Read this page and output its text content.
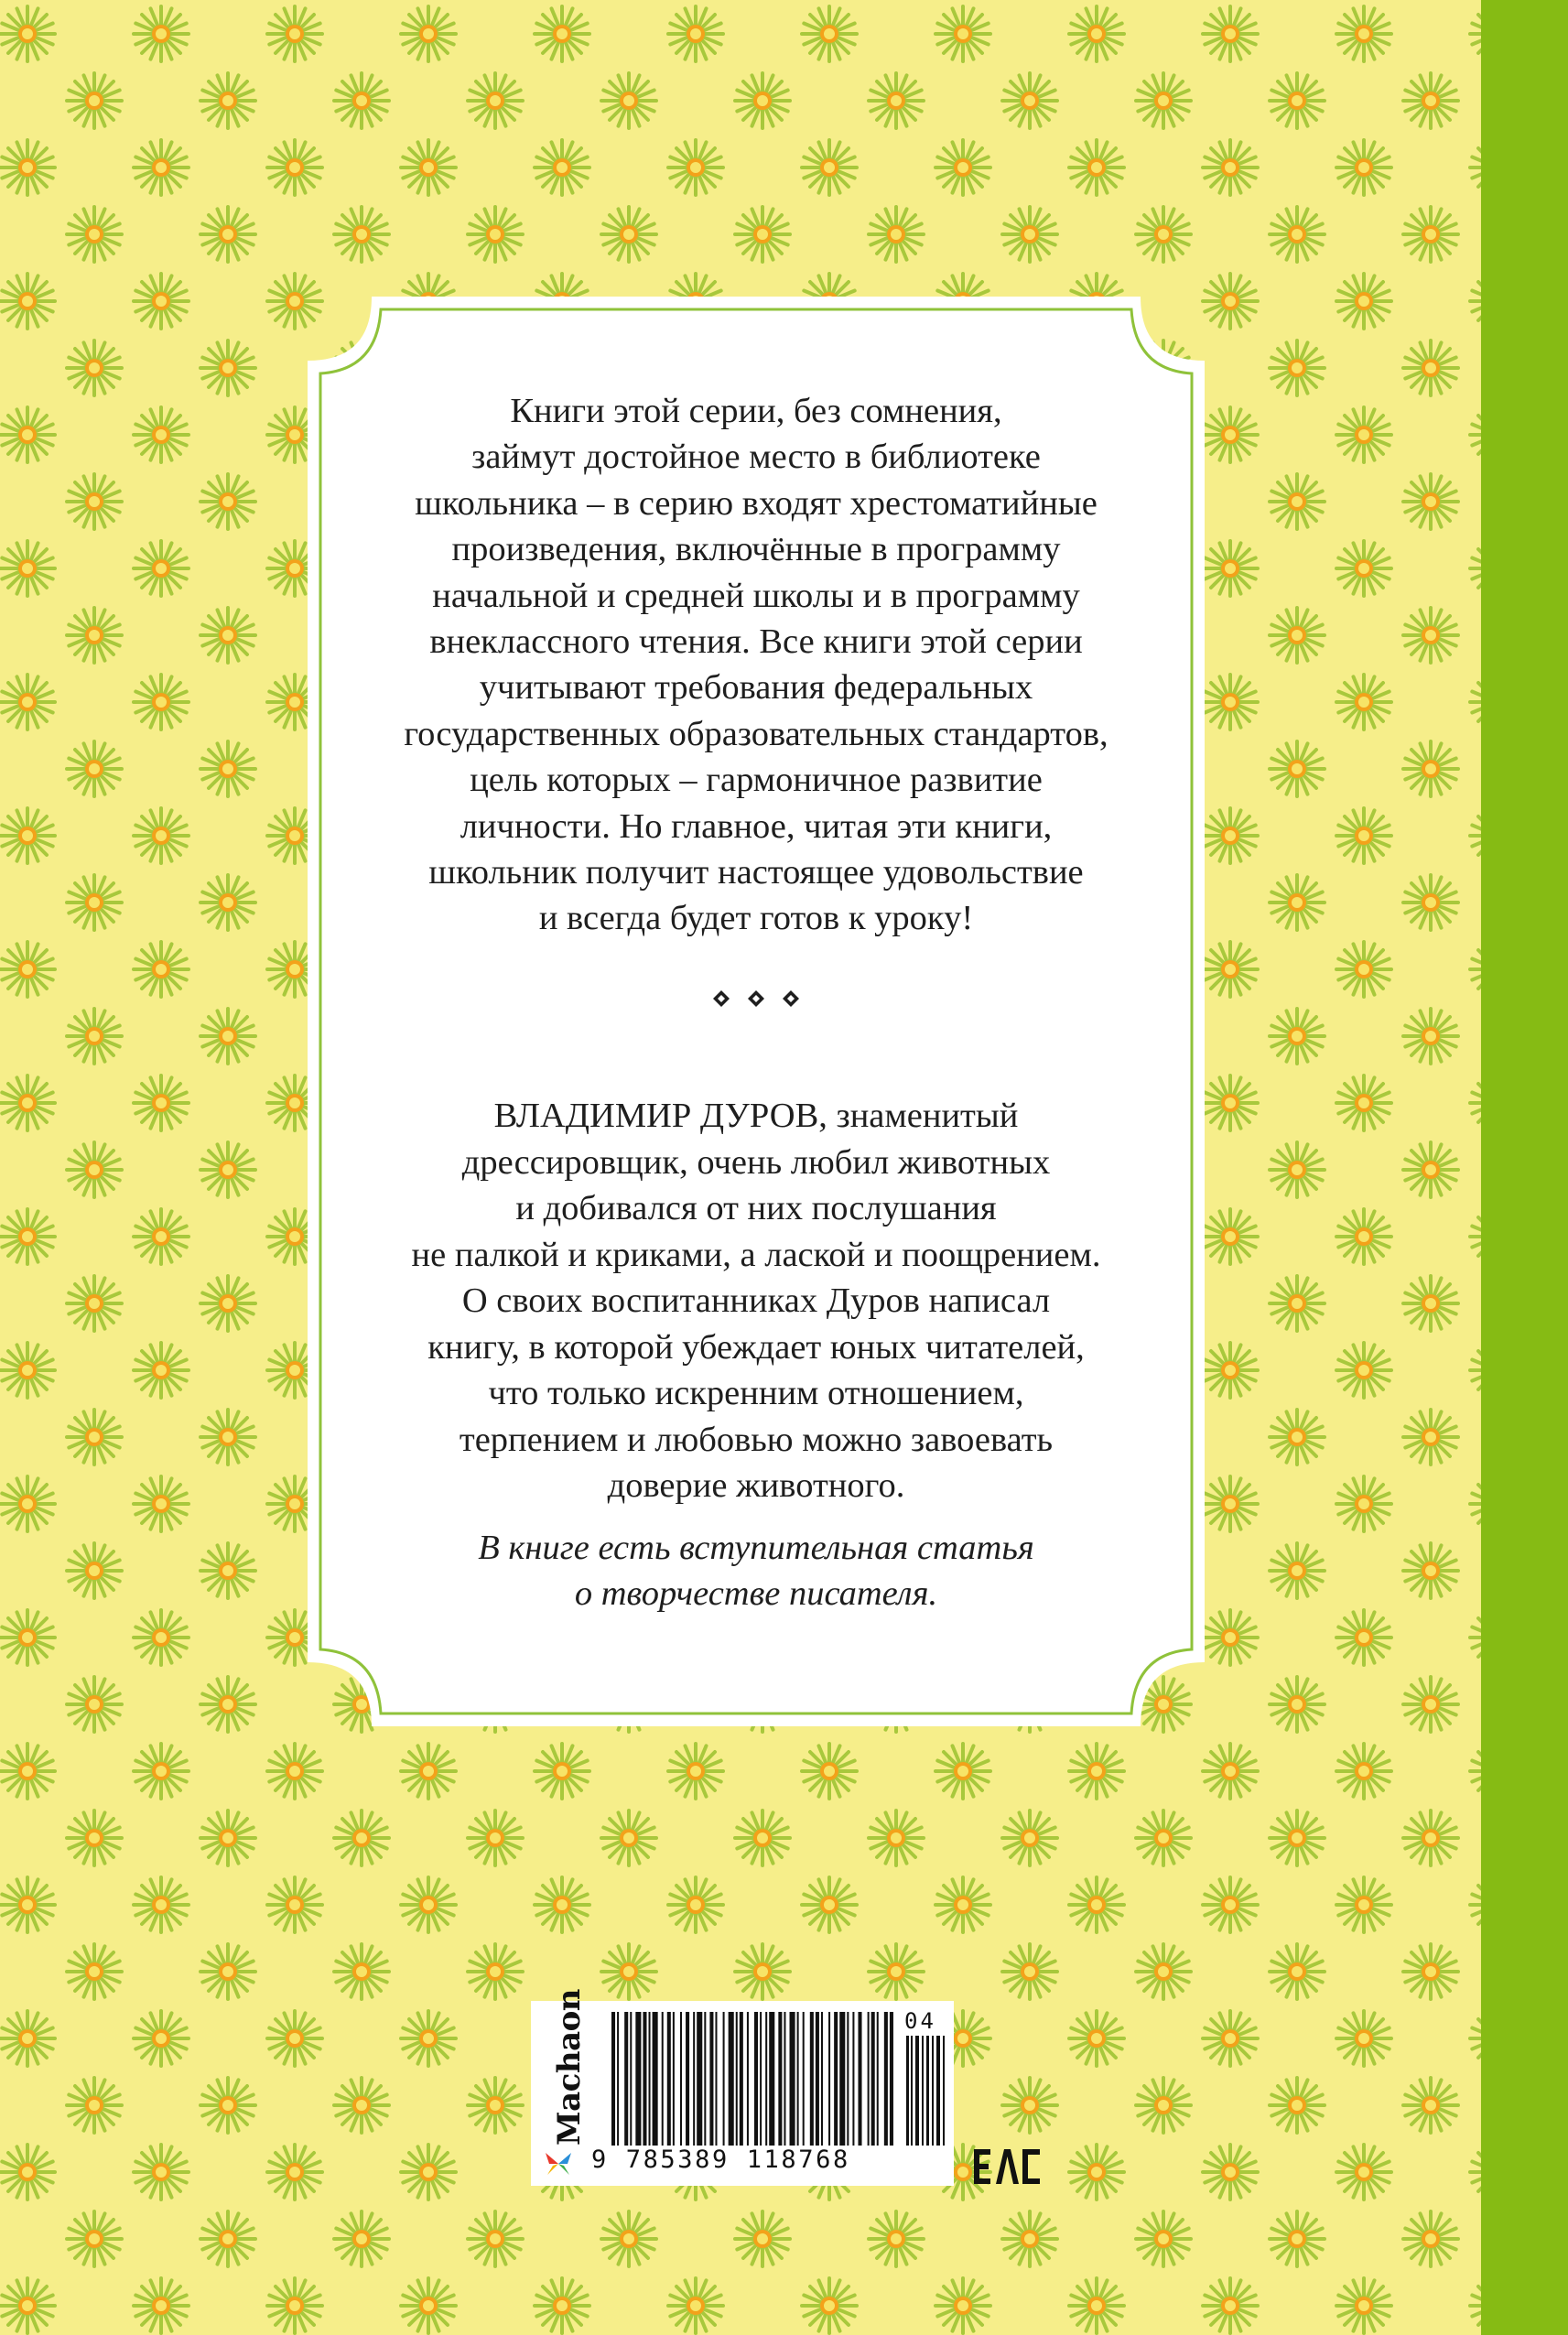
Книги этой серии, без сомнения,
займут достойное место в библиотеке
школьника – в серию входят хрестоматийные
произведения, включённые в программу
начальной и средней школы и в программу
внеклассного чтения. Все книги этой серии
учитывают требования федеральных
государственных образовательных стандартов,
цель которых – гармоничное развитие
личности. Но главное, читая эти книги,
школьник получит настоящее удовольствие
и всегда будет готов к уроку!
ВЛАДИМИР ДУРОВ, знаменитый
дрессировщик, очень любил животных
и добивался от них послушания
не палкой и криками, а лаской и поощрением.
О своих воспитанниках Дуров написал
книгу, в которой убеждает юных читателей,
что только искренним отношением,
терпением и любовью можно завоевать
доверие животного.
В книге есть вступительная статья
о творчестве писателя.
Machaon
9 785389 118768
04
